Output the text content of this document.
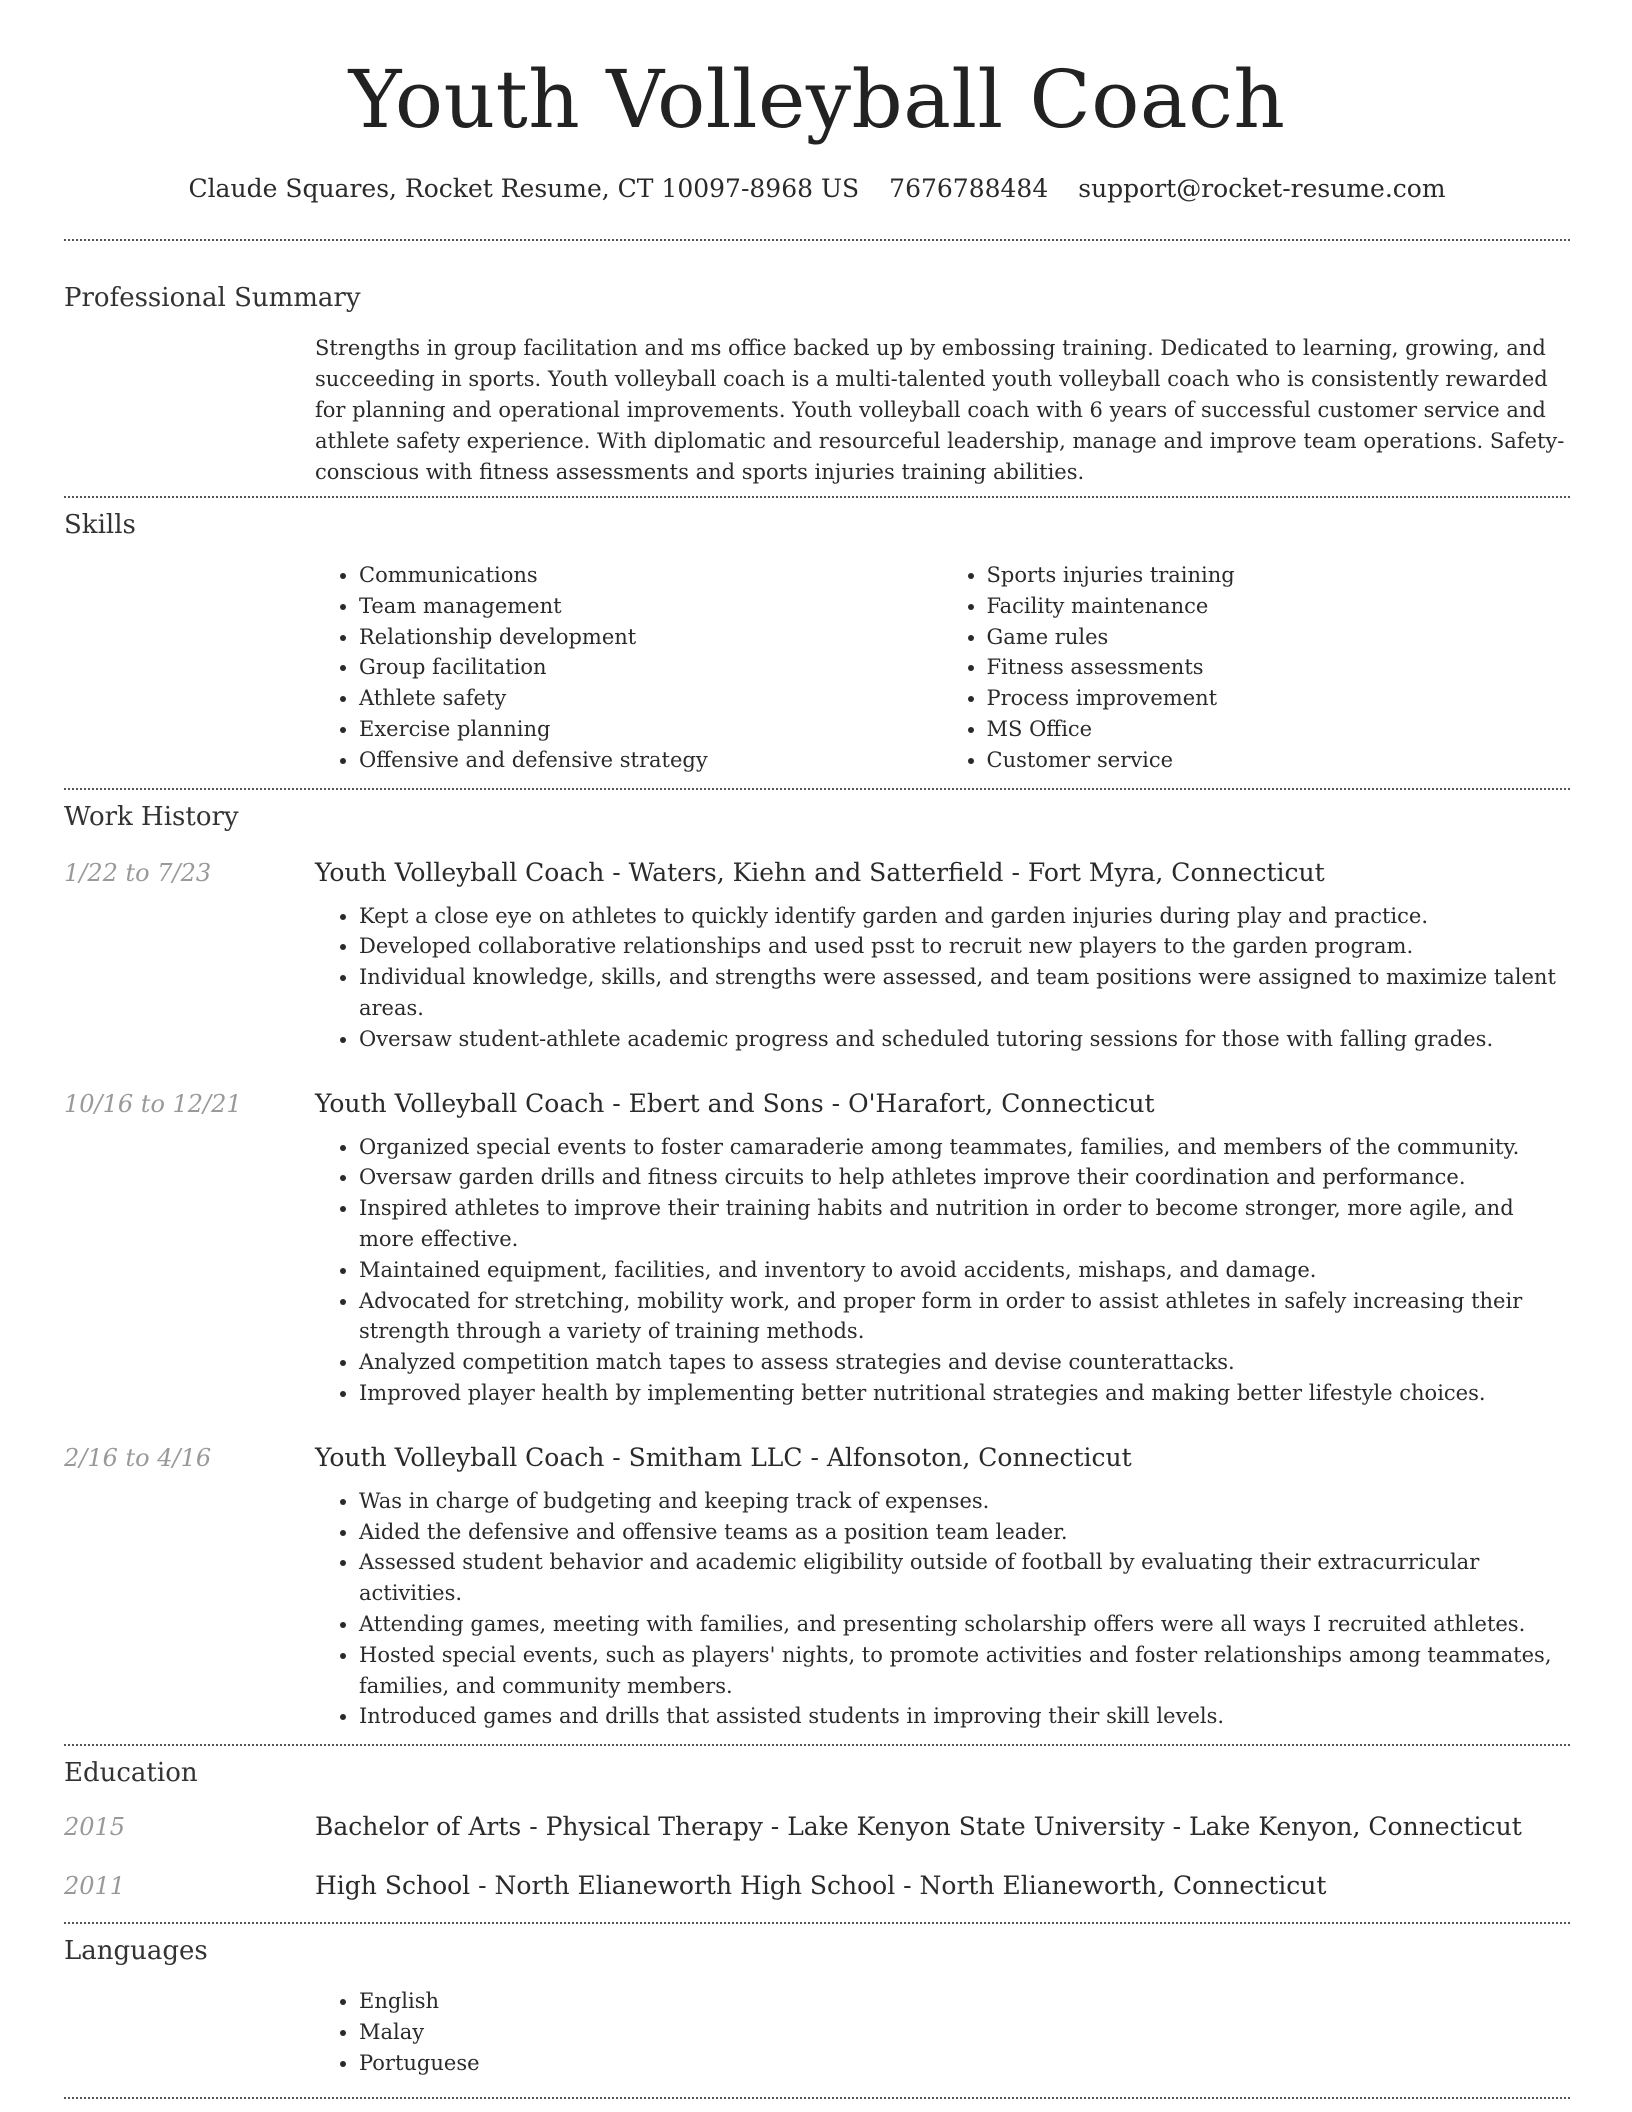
Youth Volleyball Coach
Claude Squares, Rocket Resume, CT 10097-8968 US 7676788484 support@rocket-resume.com
Professional Summary
Strengths in group facilitation and ms office backed up by embossing training. Dedicated to learning, growing, and succeeding in sports. Youth volleyball coach is a multi-talented youth volleyball coach who is consistently rewarded for planning and operational improvements. Youth volleyball coach with 6 years of successful customer service and athlete safety experience. With diplomatic and resourceful leadership, manage and improve team operations. Safety-conscious with fitness assessments and sports injuries training abilities.
Skills
• Communications
• Team management
• Relationship development
• Group facilitation
• Athlete safety
• Exercise planning
• Offensive and defensive strategy
• Sports injuries training
• Facility maintenance
• Game rules
• Fitness assessments
• Process improvement
• MS Office
• Customer service
Work History
1/22 to 7/23	Youth Volleyball Coach - Waters, Kiehn and Satterfield - Fort Myra, Connecticut
• Kept a close eye on athletes to quickly identify garden and garden injuries during play and practice.
• Developed collaborative relationships and used psst to recruit new players to the garden program.
• Individual knowledge, skills, and strengths were assessed, and team positions were assigned to maximize talent areas.
• Oversaw student-athlete academic progress and scheduled tutoring sessions for those with falling grades.
10/16 to 12/21	Youth Volleyball Coach - Ebert and Sons - O'Harafort, Connecticut
• Organized special events to foster camaraderie among teammates, families, and members of the community.
• Oversaw garden drills and fitness circuits to help athletes improve their coordination and performance.
• Inspired athletes to improve their training habits and nutrition in order to become stronger, more agile, and more effective.
• Maintained equipment, facilities, and inventory to avoid accidents, mishaps, and damage.
• Advocated for stretching, mobility work, and proper form in order to assist athletes in safely increasing their strength through a variety of training methods.
• Analyzed competition match tapes to assess strategies and devise counterattacks.
• Improved player health by implementing better nutritional strategies and making better lifestyle choices.
2/16 to 4/16	Youth Volleyball Coach - Smitham LLC - Alfonsoton, Connecticut
• Was in charge of budgeting and keeping track of expenses.
• Aided the defensive and offensive teams as a position team leader.
• Assessed student behavior and academic eligibility outside of football by evaluating their extracurricular activities.
• Attending games, meeting with families, and presenting scholarship offers were all ways I recruited athletes.
• Hosted special events, such as players' nights, to promote activities and foster relationships among teammates, families, and community members.
• Introduced games and drills that assisted students in improving their skill levels.
Education
2015	Bachelor of Arts - Physical Therapy - Lake Kenyon State University - Lake Kenyon, Connecticut
2011	High School - North Elianeworth High School - North Elianeworth, Connecticut
Languages
• English
• Malay
• Portuguese
